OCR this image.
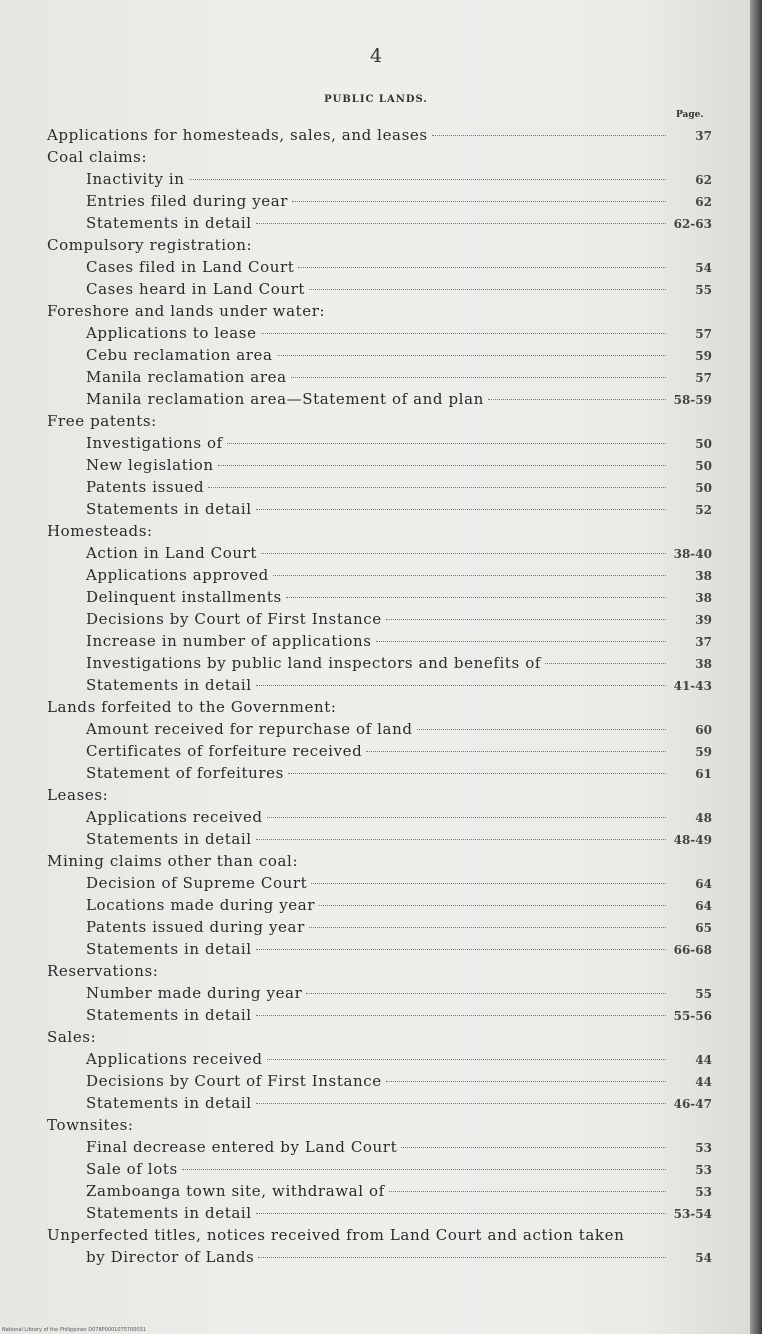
4
PUBLIC LANDS.
Page.
Applications for homesteads, sales, and leases	37
Coal claims:
Inactivity in	62
Entries filed during year	62
Statements in detail	62-63
Compulsory registration:
Cases filed in Land Court	54
Cases heard in Land Court	55
Foreshore and lands under water:
Applications to lease	57
Cebu reclamation area	59
Manila reclamation area	57
Manila reclamation area—Statement of and plan	58-59
Free patents:
Investigations of	50
New legislation	50
Patents issued	50
Statements in detail	52
Homesteads:
Action in Land Court	38-40
Applications approved	38
Delinquent installments	38
Decisions by Court of First Instance	39
Increase in number of applications	37
Investigations by public land inspectors and benefits of	38
Statements in detail	41-43
Lands forfeited to the Government:
Amount received for repurchase of land	60
Certificates of forfeiture received	59
Statement of forfeitures	61
Leases:
Applications received	48
Statements in detail	48-49
Mining claims other than coal:
Decision of Supreme Court	64
Locations made during year	64
Patents issued during year	65
Statements in detail	66-68
Reservations:
Number made during year	55
Statements in detail	55-56
Sales:
Applications received	44
Decisions by Court of First Instance	44
Statements in detail	46-47
Townsites:
Final decrease entered by Land Court	53
Sale of lots	53
Zamboanga town site, withdrawal of	53
Statements in detail	53-54
Unperfected titles, notices received from Land Court and action taken
by Director of Lands	54
National Library of the Philippines D078P0001075700031
